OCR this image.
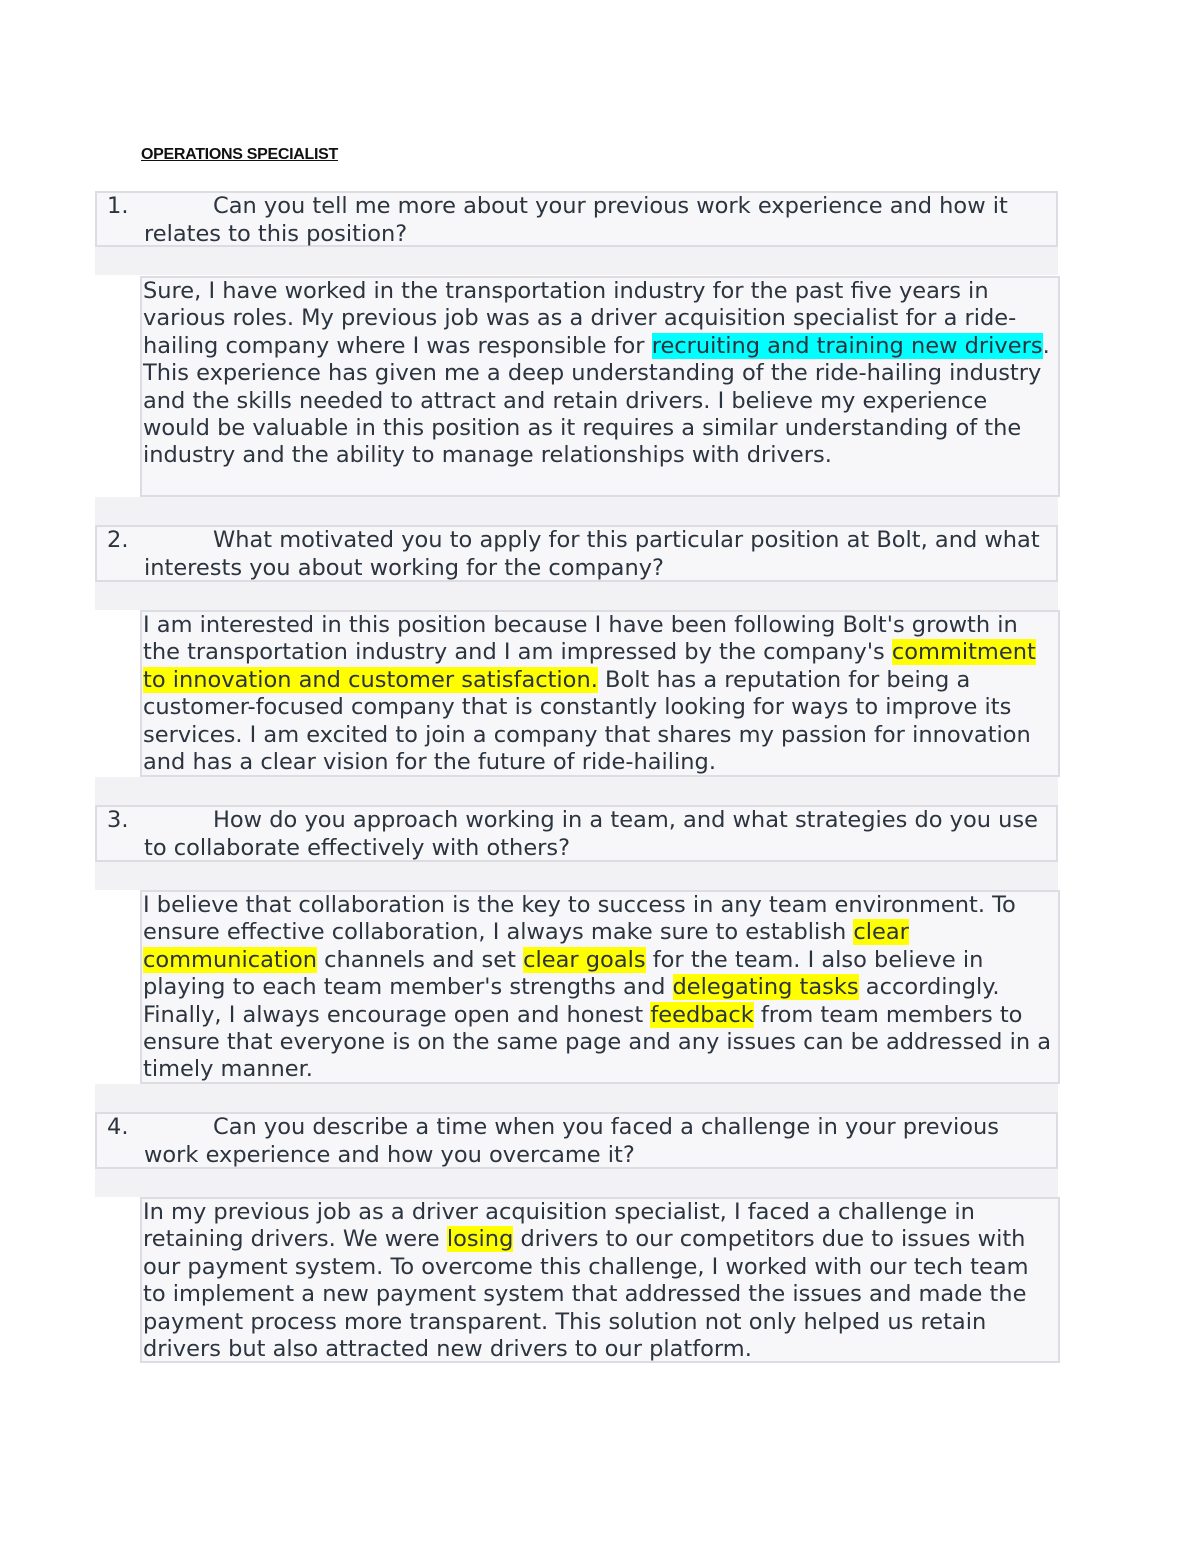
OPERATIONS SPECIALIST
1.	Can you tell me more about your previous work experience and how it relates to this position?
Sure, I have worked in the transportation industry for the past five years in various roles. My previous job was as a driver acquisition specialist for a ride-hailing company where I was responsible for recruiting and training new drivers. This experience has given me a deep understanding of the ride-hailing industry and the skills needed to attract and retain drivers. I believe my experience would be valuable in this position as it requires a similar understanding of the industry and the ability to manage relationships with drivers.
2.	What motivated you to apply for this particular position at Bolt, and what interests you about working for the company?
I am interested in this position because I have been following Bolt's growth in the transportation industry and I am impressed by the company's commitment to innovation and customer satisfaction. Bolt has a reputation for being a customer-focused company that is constantly looking for ways to improve its services. I am excited to join a company that shares my passion for innovation and has a clear vision for the future of ride-hailing.
3.	How do you approach working in a team, and what strategies do you use to collaborate effectively with others?
I believe that collaboration is the key to success in any team environment. To ensure effective collaboration, I always make sure to establish clear communication channels and set clear goals for the team. I also believe in playing to each team member's strengths and delegating tasks accordingly. Finally, I always encourage open and honest feedback from team members to ensure that everyone is on the same page and any issues can be addressed in a timely manner.
4.	Can you describe a time when you faced a challenge in your previous work experience and how you overcame it?
In my previous job as a driver acquisition specialist, I faced a challenge in retaining drivers. We were losing drivers to our competitors due to issues with our payment system. To overcome this challenge, I worked with our tech team to implement a new payment system that addressed the issues and made the payment process more transparent. This solution not only helped us retain drivers but also attracted new drivers to our platform.
